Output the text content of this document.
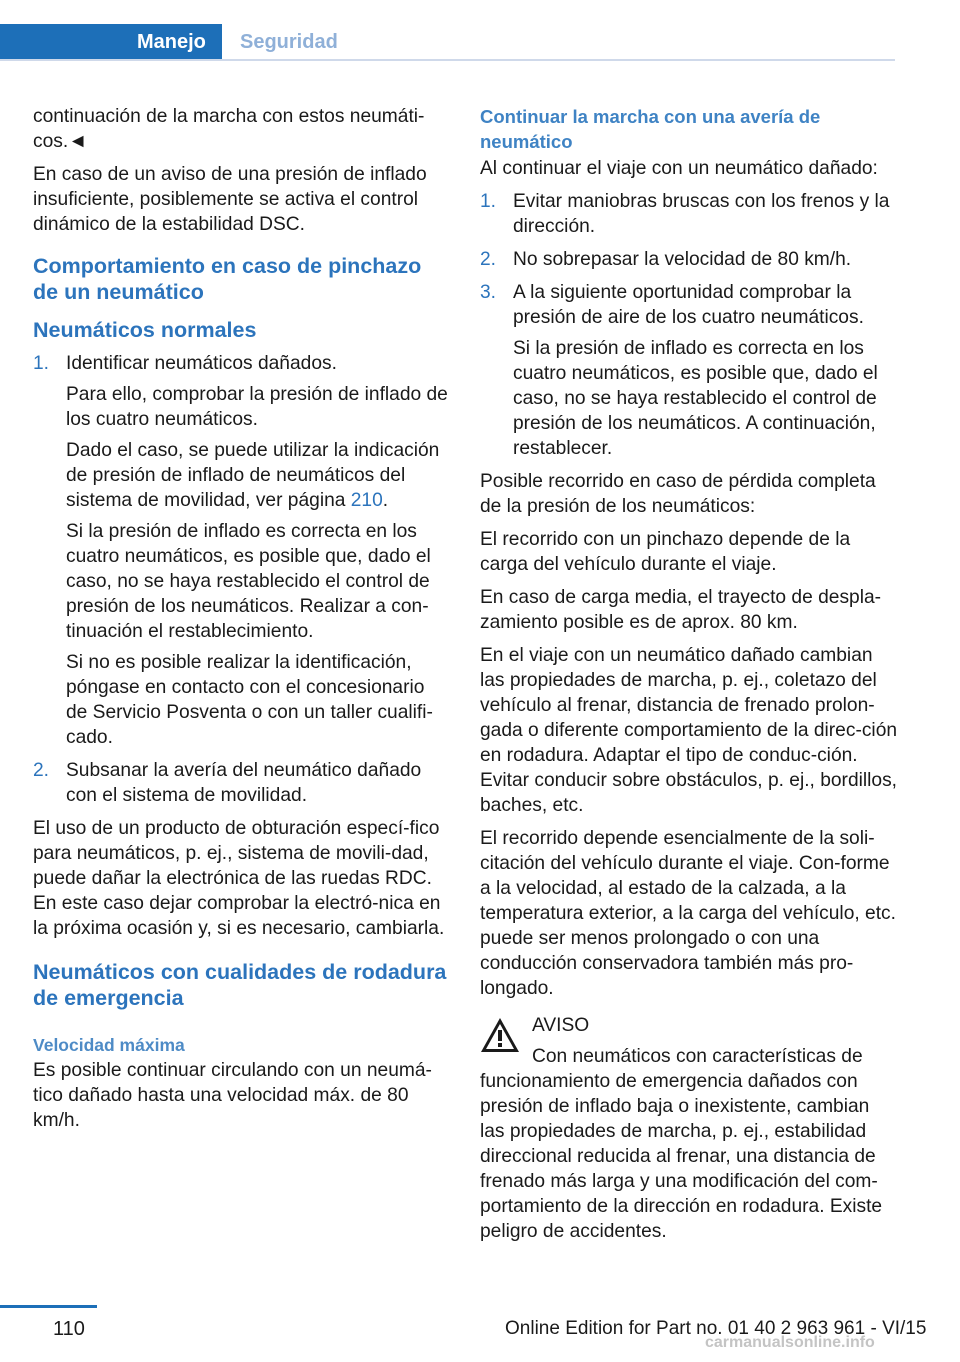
Manejo Seguridad

continuación de la marcha con estos neumáti-cos.◄

En caso de un aviso de una presión de inflado insuficiente, posiblemente se activa el control dinámico de la estabilidad DSC.

Comportamiento en caso de pinchazo de un neumático
Neumáticos normales
1. Identificar neumáticos dañados.

Para ello, comprobar la presión de inflado de los cuatro neumáticos.

Dado el caso, se puede utilizar la indicación de presión de inflado de neumáticos del sistema de movilidad, ver página 210.

Si la presión de inflado es correcta en los cuatro neumáticos, es posible que, dado el caso, no se haya restablecido el control de presión de los neumáticos. Realizar a con-tinuación el restablecimiento.

Si no es posible realizar la identificación, póngase en contacto con el concesionario de Servicio Posventa o con un taller cualifi-cado.

2. Subsanar la avería del neumático dañado con el sistema de movilidad.

El uso de un producto de obturación especí-fico para neumáticos, p. ej., sistema de movili-dad, puede dañar la electrónica de las ruedas RDC. En este caso dejar comprobar la electró-nica en la próxima ocasión y, si es necesario, cambiarla.

Neumáticos con cualidades de rodadura de emergencia
Velocidad máxima

Es posible continuar circulando con un neumá-tico dañado hasta una velocidad máx. de 80 km/h.

Continuar la marcha con una avería de neumático

Al continuar el viaje con un neumático dañado:

1. Evitar maniobras bruscas con los frenos y la dirección.

2. No sobrepasar la velocidad de 80 km/h.

3. A la siguiente oportunidad comprobar la presión de aire de los cuatro neumáticos.

Si la presión de inflado es correcta en los cuatro neumáticos, es posible que, dado el caso, no se haya restablecido el control de presión de los neumáticos. A continuación, restablecer.

Posible recorrido en caso de pérdida completa de la presión de los neumáticos:

El recorrido con un pinchazo depende de la carga del vehículo durante el viaje.

En caso de carga media, el trayecto de despla-zamiento posible es de aprox. 80 km.

En el viaje con un neumático dañado cambian las propiedades de marcha, p. ej., coletazo del vehículo al frenar, distancia de frenado prolon-gada o diferente comportamiento de la direc-ción en rodadura. Adaptar el tipo de conduc-ción. Evitar conducir sobre obstáculos, p. ej., bordillos, baches, etc.

El recorrido depende esencialmente de la soli-citación del vehículo durante el viaje. Con-forme a la velocidad, al estado de la calzada, a la temperatura exterior, a la carga del vehículo, etc. puede ser menos prolongado o con una conducción conservadora también más pro-longado.

AVISO

Con neumáticos con características de funcionamiento de emergencia dañados con presión de inflado baja o inexistente, cambian las propiedades de marcha, p. ej., estabilidad direccional reducida al frenar, una distancia de frenado más larga y una modificación del com-portamiento de la dirección en rodadura. Existe peligro de accidentes.

110	Online Edition for Part no. 01 40 2 963 961 - VI/15
carmanualsonline.info
